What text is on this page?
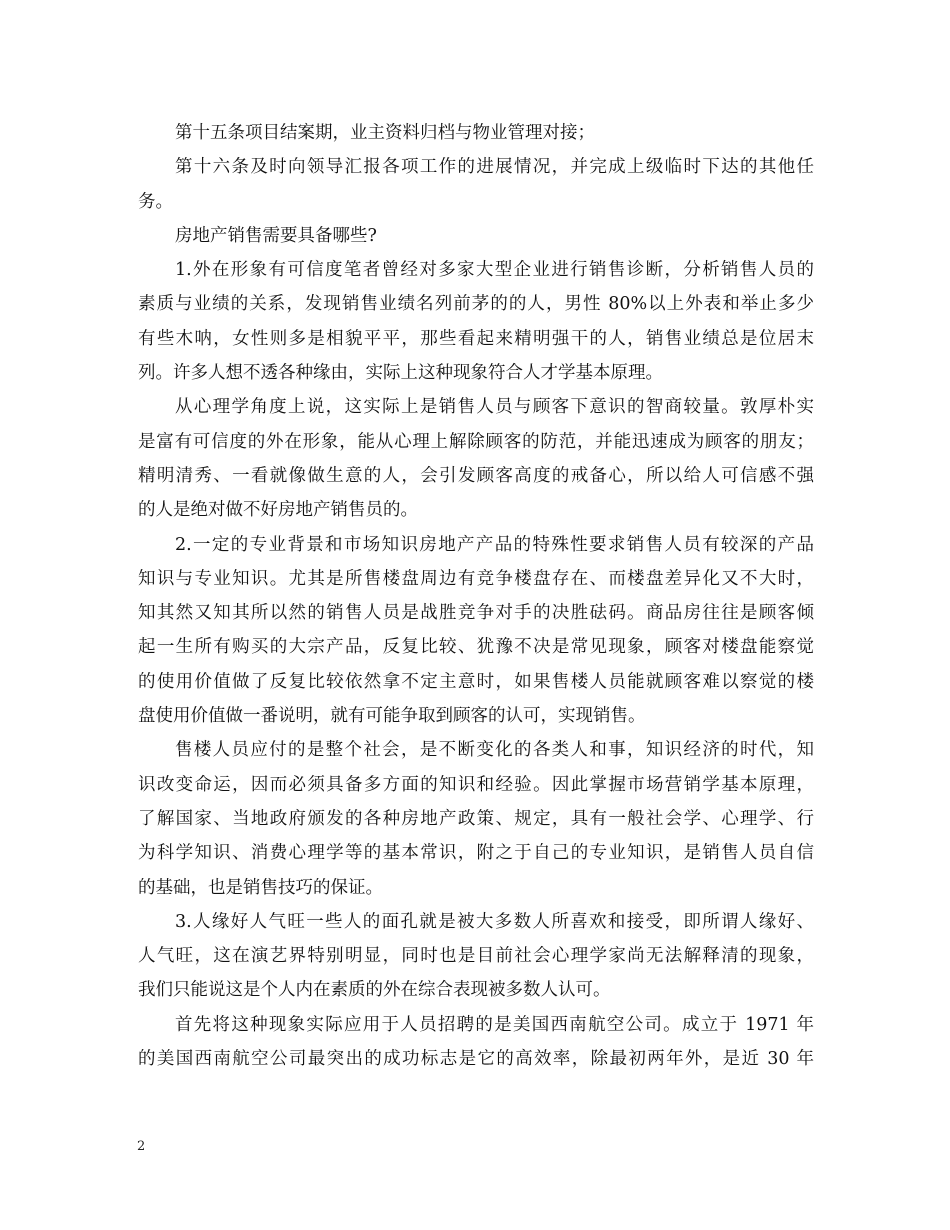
第十五条项目结案期，业主资料归档与物业管理对接；
第十六条及时向领导汇报各项工作的进展情况，并完成上级临时下达的其他任
务。
房地产销售需要具备哪些?
1.外在形象有可信度笔者曾经对多家大型企业进行销售诊断，分析销售人员的
素质与业绩的关系，发现销售业绩名列前茅的的人，男性 80%以上外表和举止多少
有些木呐，女性则多是相貌平平，那些看起来精明强干的人，销售业绩总是位居末
列。许多人想不透各种缘由，实际上这种现象符合人才学基本原理。
从心理学角度上说，这实际上是销售人员与顾客下意识的智商较量。敦厚朴实
是富有可信度的外在形象，能从心理上解除顾客的防范，并能迅速成为顾客的朋友；
精明清秀、一看就像做生意的人，会引发顾客高度的戒备心，所以给人可信感不强
的人是绝对做不好房地产销售员的。
2.一定的专业背景和市场知识房地产产品的特殊性要求销售人员有较深的产品
知识与专业知识。尤其是所售楼盘周边有竞争楼盘存在、而楼盘差异化又不大时，
知其然又知其所以然的销售人员是战胜竞争对手的决胜砝码。商品房往往是顾客倾
起一生所有购买的大宗产品，反复比较、犹豫不决是常见现象，顾客对楼盘能察觉
的使用价值做了反复比较依然拿不定主意时，如果售楼人员能就顾客难以察觉的楼
盘使用价值做一番说明，就有可能争取到顾客的认可，实现销售。
售楼人员应付的是整个社会，是不断变化的各类人和事，知识经济的时代，知
识改变命运，因而必须具备多方面的知识和经验。因此掌握市场营销学基本原理，
了解国家、当地政府颁发的各种房地产政策、规定，具有一般社会学、心理学、行
为科学知识、消费心理学等的基本常识，附之于自己的专业知识，是销售人员自信
的基础，也是销售技巧的保证。
3.人缘好人气旺一些人的面孔就是被大多数人所喜欢和接受，即所谓人缘好、
人气旺，这在演艺界特别明显，同时也是目前社会心理学家尚无法解释清的现象，
我们只能说这是个人内在素质的外在综合表现被多数人认可。
首先将这种现象实际应用于人员招聘的是美国西南航空公司。成立于 1971 年
的美国西南航空公司最突出的成功标志是它的高效率，除最初两年外，是近 30 年
2
